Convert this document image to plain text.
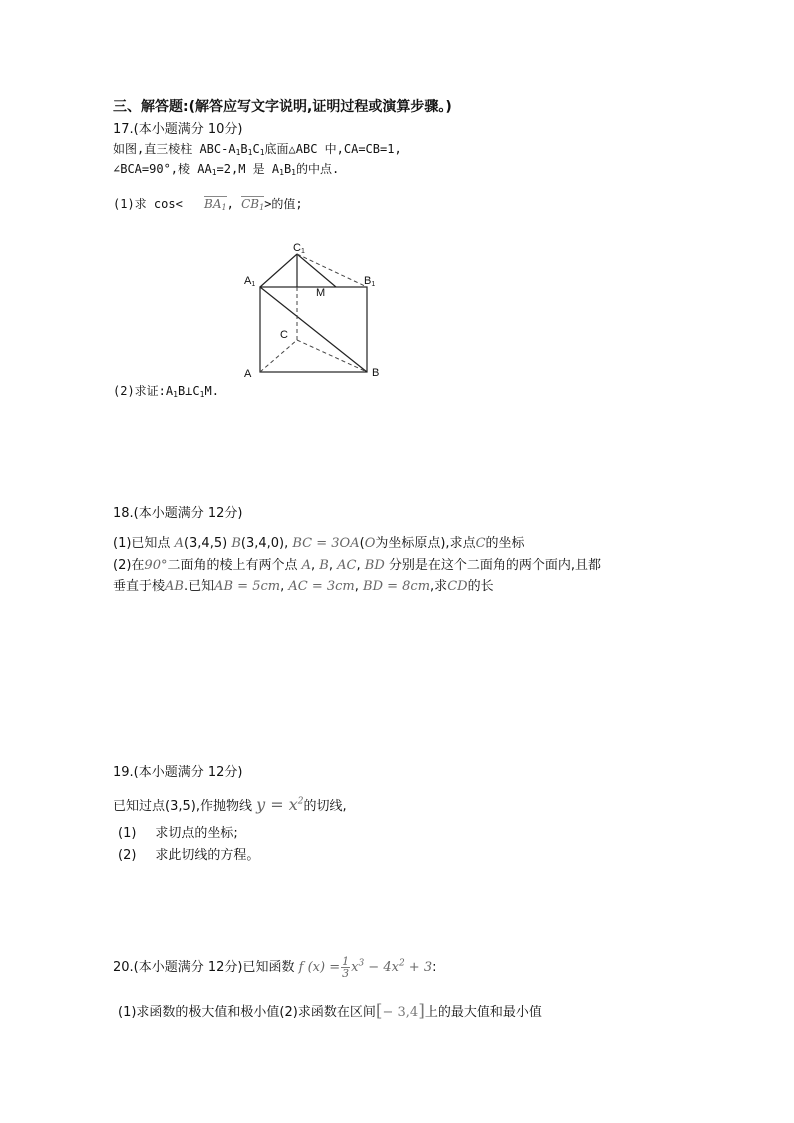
三、解答题:(解答应写文字说明,证明过程或演算步骤。)
17.(本小题满分 10分)
如图,直三棱柱 ABC-$A_1B_1C_1$底面△ABC 中,CA=CB=1,
∠BCA=90°,棱 $AA_1=2,M$ 是 $A_1B_1$的中点.
(1)求 $\cos< BA_1$, $CB_1>$的值;
C1
A1	B1
M
C
A	B
(2)求证$:A_1B\perp C_1M$.
18.(本小题满分 12分)
(1)已知点 A(3,4,5) B(3,4,0), BC = 3OA(O为坐标原点),求点C的坐标
(2)在90°二面角的棱上有两个点 A, B, AC, BD 分别是在这个二面角的两个面内,且都
垂直于棱AB.已知AB = 5cm, AC = 3cm, BD = 8cm,求CD的长
19.(本小题满分 12分)
已知过点(3,5),作抛物线 $y = x^2$的切线,
(1) 求切点的坐标;
(2) 求此切线的方程。
20.(本小题满分 12分)已知函数 f $(x) = \frac{1}{3} x^3 - 4x^2 + 3$:
(1)求函数的极大值和极小值(2)求函数在区间[− 3,4]上的最大值和最小值
